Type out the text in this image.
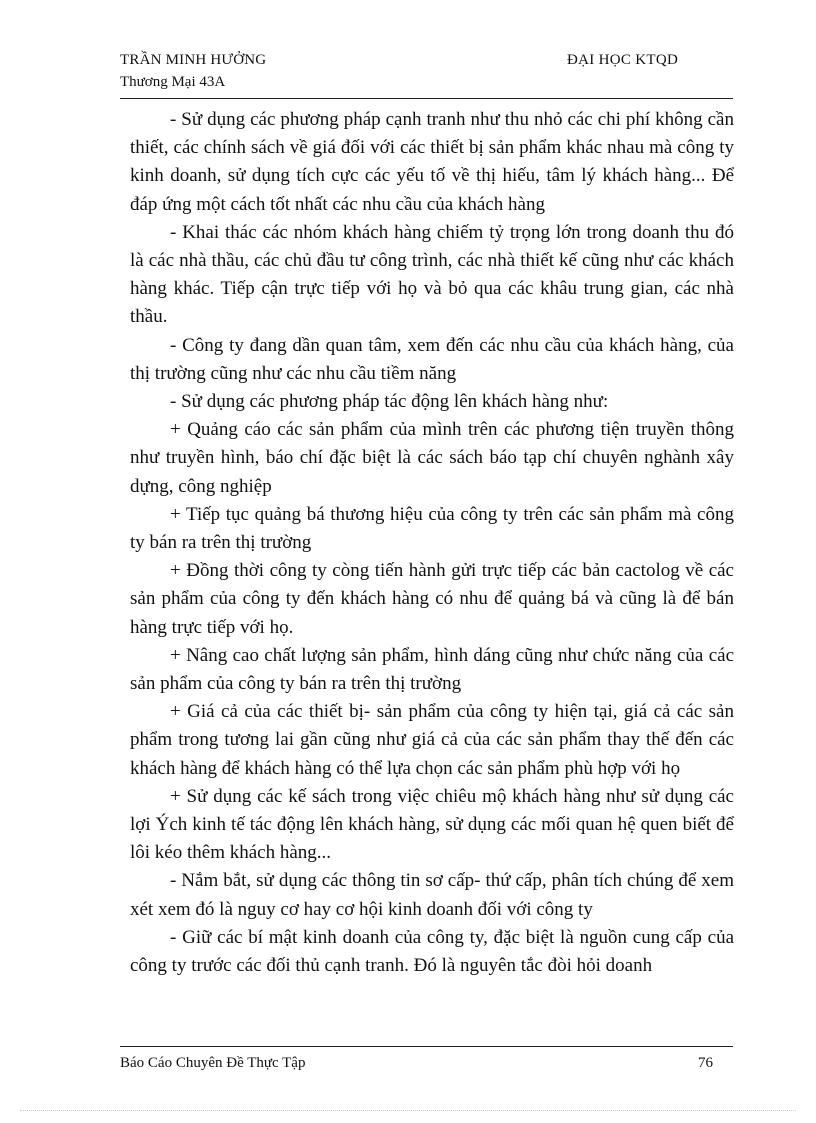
TRẦN MINH HƯỞNG
Thương Mại 43A
ĐẠI HỌC KTQD

- Sử dụng các phương pháp cạnh tranh như thu nhỏ các chi phí không cần thiết, các chính sách về giá đối với các thiết bị sản phẩm khác nhau mà công ty kinh doanh, sử dụng tích cực các yếu tố về thị hiếu, tâm lý khách hàng... Để đáp ứng một cách tốt nhất các nhu cầu của khách hàng

- Khai thác các nhóm khách hàng chiếm tỷ trọng lớn trong doanh thu đó là các nhà thầu, các chủ đầu tư công trình, các nhà thiết kế cũng như các khách hàng khác. Tiếp cận trực tiếp với họ và bỏ qua các khâu trung gian, các nhà thầu.

- Công ty đang dần quan tâm, xem đến các nhu cầu của khách hàng, của thị trường cũng như các nhu cầu tiềm năng

- Sử dụng các phương pháp tác động lên khách hàng như:

+ Quảng cáo các sản phẩm của mình trên các phương tiện truyền thông như truyền hình, báo chí đặc biệt là các sách báo tạp chí chuyên nghành xây dựng, công nghiệp

+ Tiếp tục quảng bá thương hiệu của công ty trên các sản phẩm mà công ty bán ra trên thị trường

+ Đồng thời công ty còng tiến hành gửi trực tiếp các bản cactolog về các sản phẩm của công ty đến khách hàng có nhu để quảng bá và cũng là để bán hàng trực tiếp với họ.

+ Nâng cao chất lượng sản phẩm, hình dáng cũng như chức năng của các sản phẩm của công ty bán ra trên thị trường

+ Giá cả của các thiết bị- sản phẩm của công ty hiện tại, giá cả các sản phẩm trong tương lai gần cũng như giá cả của các sản phẩm thay thế đến các khách hàng để khách hàng có thể lựa chọn các sản phẩm phù hợp với họ

+ Sử dụng các kế sách trong việc chiêu mộ khách hàng như sử dụng các lợi Ých kinh tế tác động lên khách hàng, sử dụng các mối quan hệ quen biết để lôi kéo thêm khách hàng...

- Nắm bắt, sử dụng các thông tin sơ cấp- thứ cấp, phân tích chúng để xem xét xem đó là nguy cơ hay cơ hội kinh doanh đối với công ty

- Giữ các bí mật kinh doanh của công ty, đặc biệt là nguồn cung cấp của công ty trước các đối thủ cạnh tranh. Đó là nguyên tắc đòi hỏi doanh

Báo Cáo Chuyên Đề Thực Tập	76
